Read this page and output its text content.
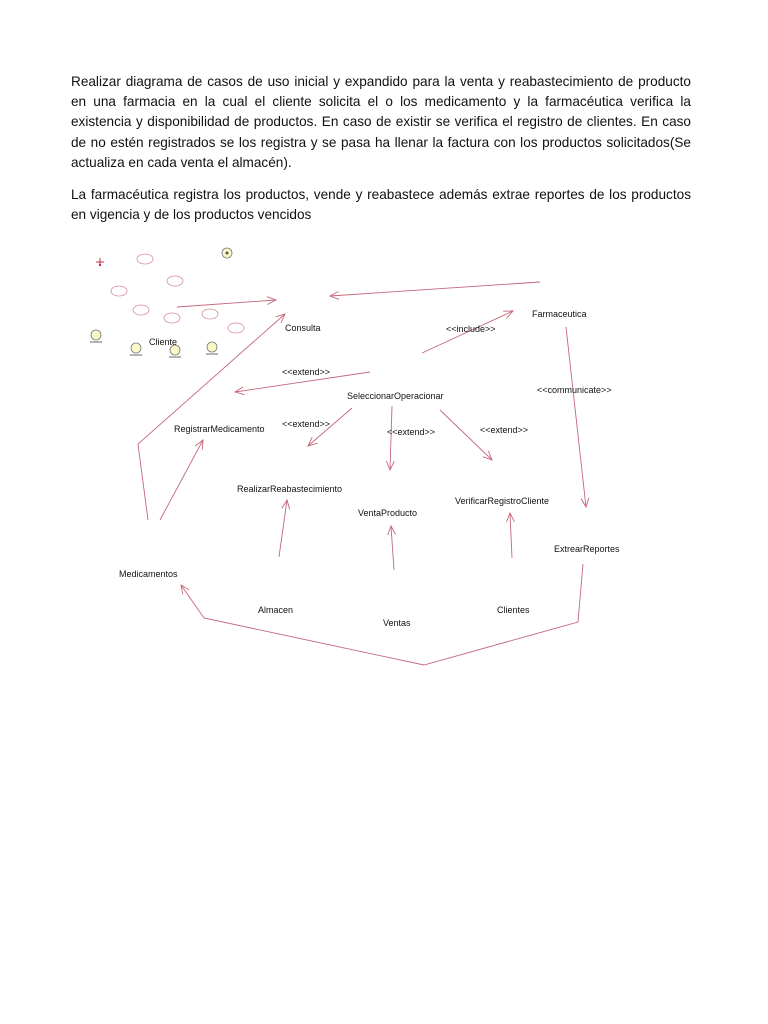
Realizar diagrama de casos de uso inicial y expandido para la venta y reabastecimiento de producto en una farmacia en la cual el cliente solicita el o los medicamento y la farmacéutica verifica la existencia y disponibilidad de productos. En caso de existir se verifica el registro de clientes. En caso de no estén registrados se los registra y se pasa ha llenar la factura con los productos solicitados(Se actualiza en cada venta el almacén).
La farmacéutica registra los productos, vende y reabastece además extrae reportes de los productos en vigencia y de los productos vencidos
Cliente
Consulta
Farmaceutica
SeleccionarOperacionar
RegistrarMedicamento
RealizarReabastecimiento
VentaProducto
VerificarRegistroCliente
ExtrearReportes
Medicamentos
Almacen
Ventas
Clientes
<<include>>
<<communicate>>
<<extend>>
<<extend>>
<<extend>>	<<extend>>
